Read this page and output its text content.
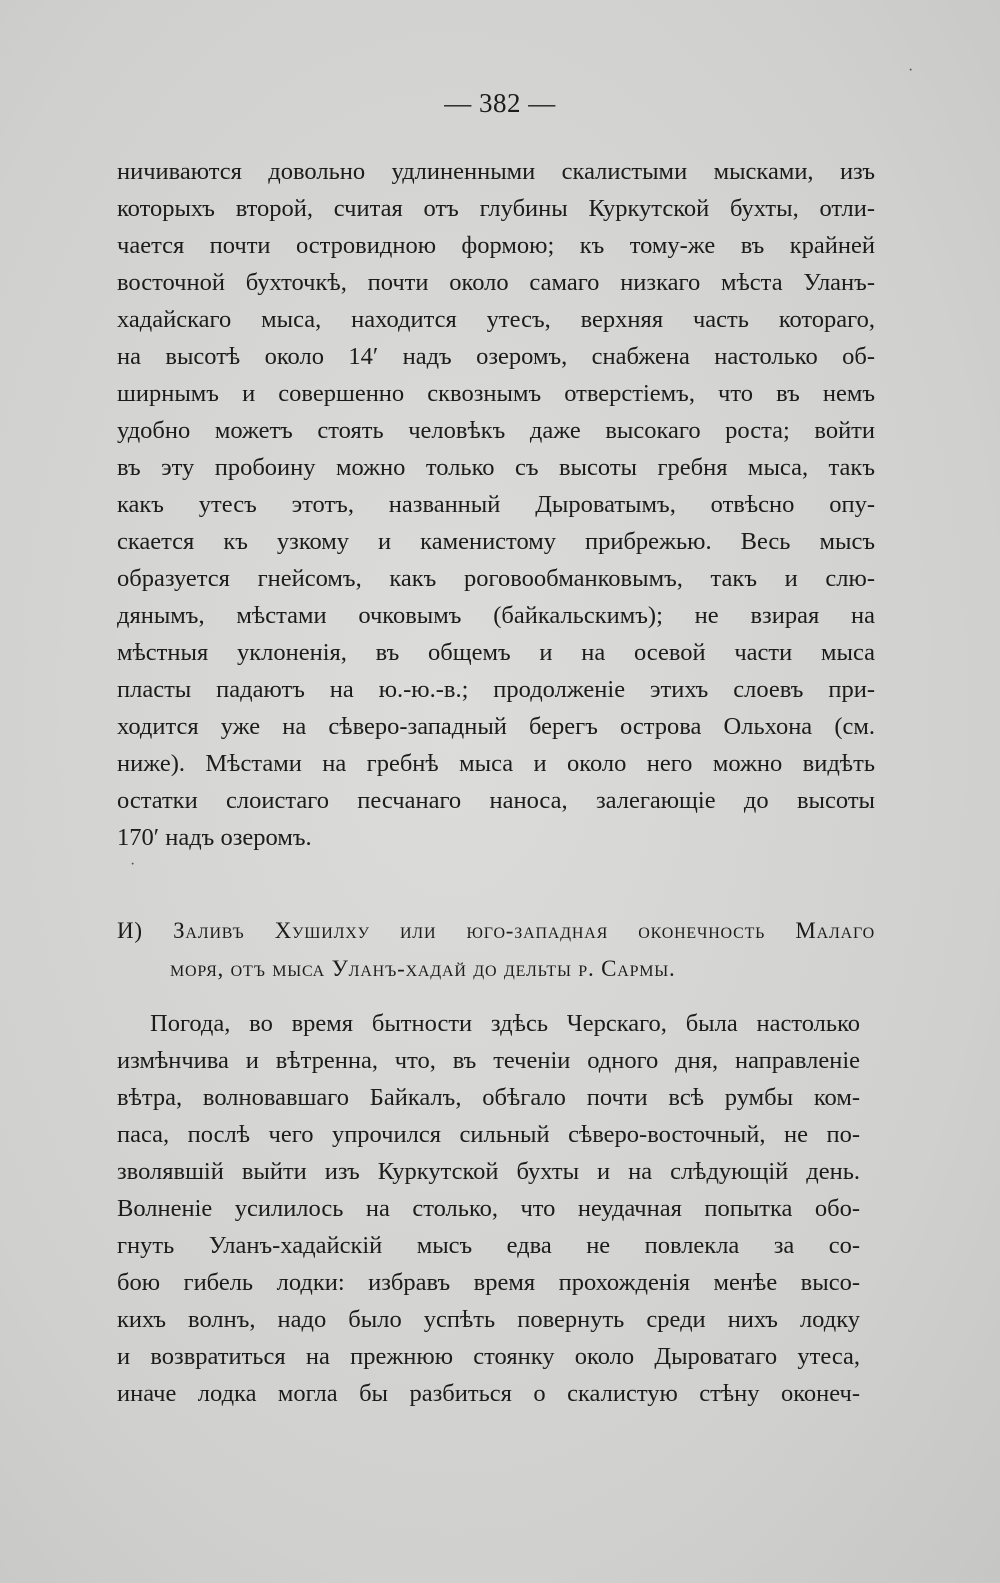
— 382 —
ничиваются довольно удлиненными скалистыми мысками, изъ
которыхъ второй, считая отъ глубины Куркутской бухты, отли-
чается почти островидною формою; къ тому-же въ крайней
восточной бухточкѣ, почти около самаго низкаго мѣста Уланъ-
хадайскаго мыса, находится утесъ, верхняя часть котораго,
на высотѣ около 14′ надъ озеромъ, снабжена настолько об-
ширнымъ и совершенно сквознымъ отверстіемъ, что въ немъ
удобно можетъ стоять человѣкъ даже высокаго роста; войти
въ эту пробоину можно только съ высоты гребня мыса, такъ
какъ утесъ этотъ, названный Дыроватымъ, отвѣсно опу-
скается къ узкому и каменистому прибрежью. Весь мысъ
образуется гнейсомъ, какъ роговообманковымъ, такъ и слю-
дянымъ, мѣстами очковымъ (байкальскимъ); не взирая на
мѣстныя уклоненія, въ общемъ и на осевой части мыса
пласты падаютъ на ю.-ю.-в.; продолженіе этихъ слоевъ при-
ходится уже на сѣверо-западный берегъ острова Ольхона (см.
ниже). Мѣстами на гребнѣ мыса и около него можно видѣть
остатки слоистаго песчанаго наноса, залегающіе до высоты
170′ надъ озеромъ.
И) Заливъ Хушилху или юго-западная оконечность Малаго
моря, отъ мыса Уланъ-хадай до дельты р. Сармы.
Погода, во время бытности здѣсь Черскаго, была настолько
измѣнчива и вѣтренна, что, въ теченіи одного дня, направленіе
вѣтра, волновавшаго Байкалъ, обѣгало почти всѣ румбы ком-
паса, послѣ чего упрочился сильный сѣверо-восточный, не по-
зволявшій выйти изъ Куркутской бухты и на слѣдующій день.
Волненіе усилилось на столько, что неудачная попытка обо-
гнуть Уланъ-хадайскій мысъ едва не повлекла за со-
бою гибель лодки: избравъ время прохожденія менѣе высо-
кихъ волнъ, надо было успѣть повернуть среди нихъ лодку
и возвратиться на прежнюю стоянку около Дыроватаго утеса,
иначе лодка могла бы разбиться о скалистую стѣну оконеч-
·
·
